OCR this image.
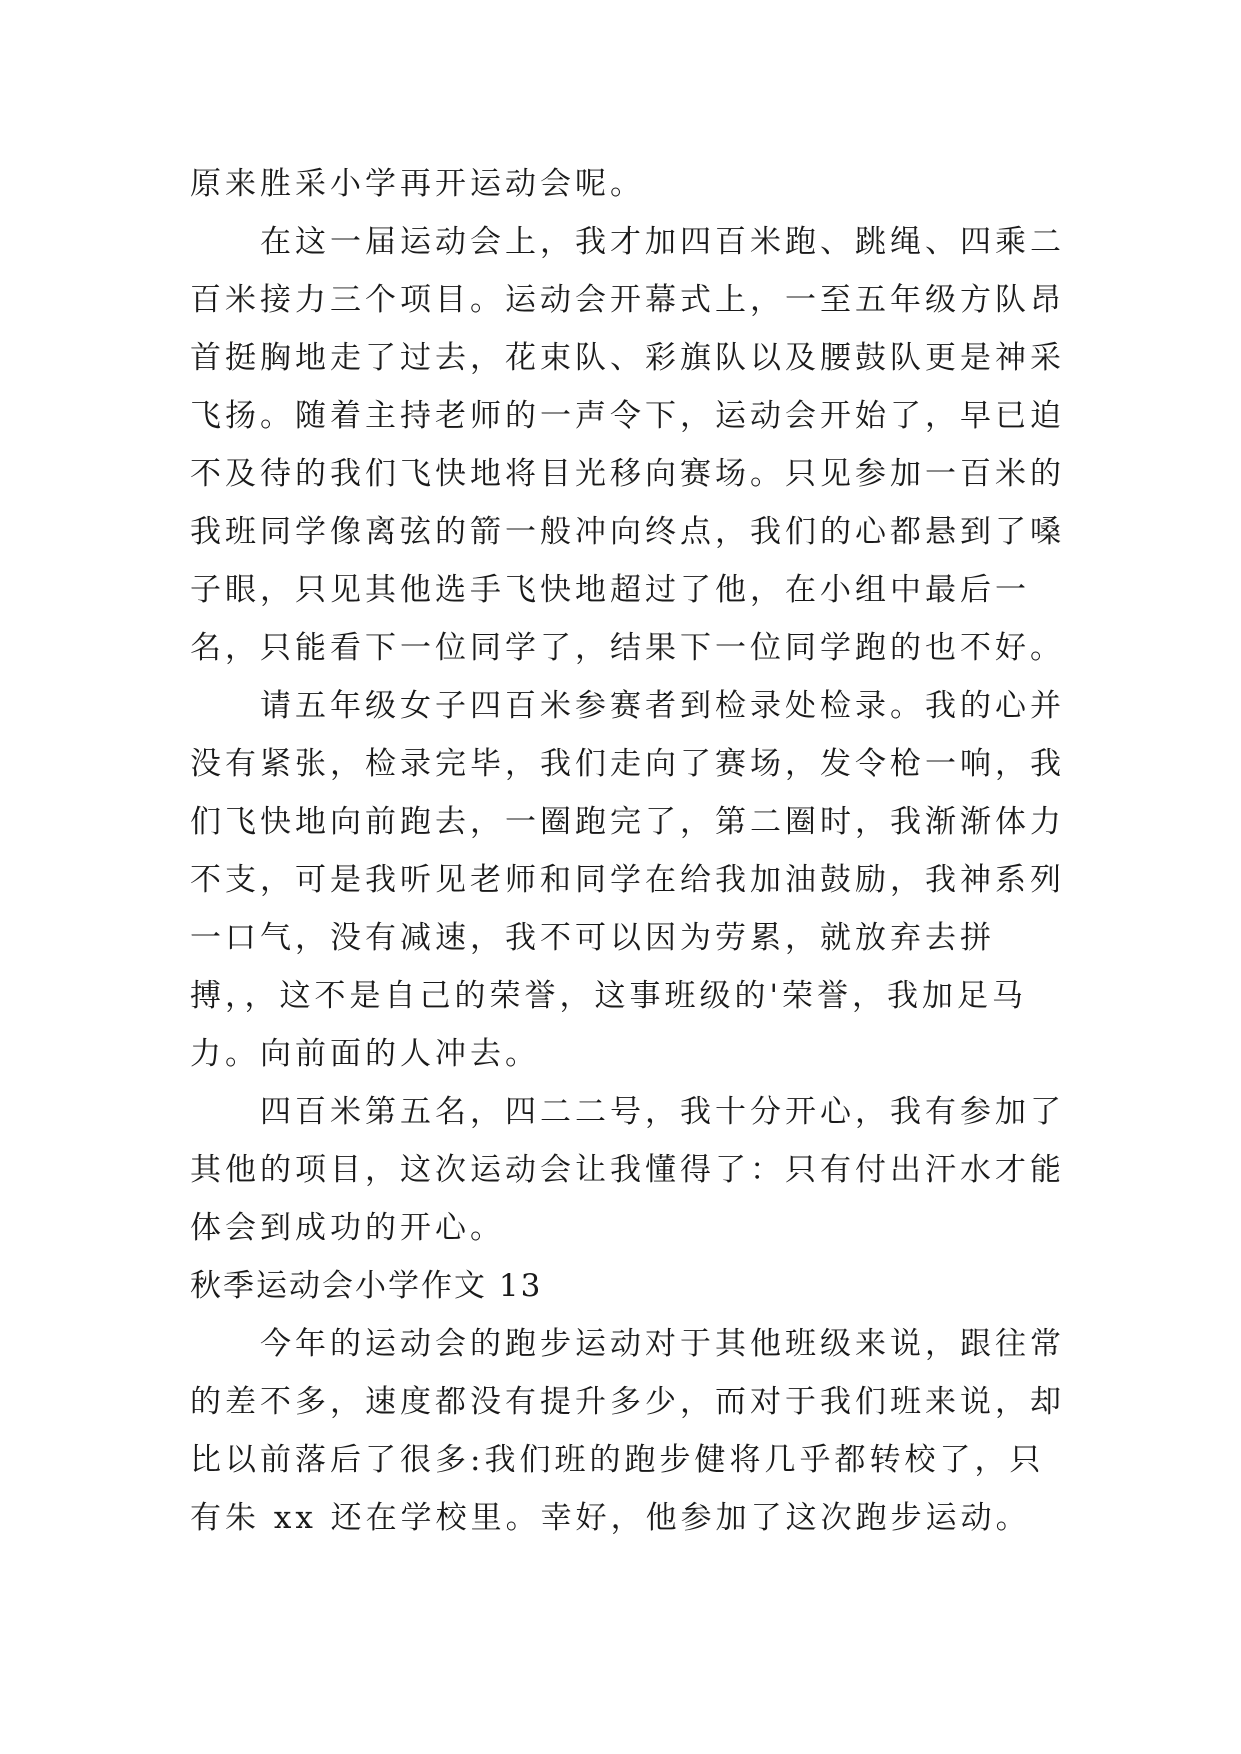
原来胜采小学再开运动会呢。

在这一届运动会上，我才加四百米跑、跳绳、四乘二百米接力三个项目。运动会开幕式上，一至五年级方队昂首挺胸地走了过去，花束队、彩旗队以及腰鼓队更是神采飞扬。随着主持老师的一声令下，运动会开始了，早已迫不及待的我们飞快地将目光移向赛场。只见参加一百米的我班同学像离弦的箭一般冲向终点，我们的心都悬到了嗓子眼，只见其他选手飞快地超过了他，在小组中最后一名，只能看下一位同学了，结果下一位同学跑的也不好。

请五年级女子四百米参赛者到检录处检录。我的心并没有紧张，检录完毕，我们走向了赛场，发令枪一响，我们飞快地向前跑去，一圈跑完了，第二圈时，我渐渐体力不支，可是我听见老师和同学在给我加油鼓励，我神系列一口气，没有减速，我不可以因为劳累，就放弃去拼搏，，这不是自己的荣誉，这事班级的'荣誉，我加足马力。向前面的人冲去。

四百米第五名，四二二号，我十分开心，我有参加了其他的项目，这次运动会让我懂得了：只有付出汗水才能体会到成功的开心。

秋季运动会小学作文 13

今年的运动会的跑步运动对于其他班级来说，跟往常的差不多，速度都没有提升多少，而对于我们班来说，却比以前落后了很多:我们班的跑步健将几乎都转校了，只有朱 xx 还在学校里。幸好，他参加了这次跑步运动。
